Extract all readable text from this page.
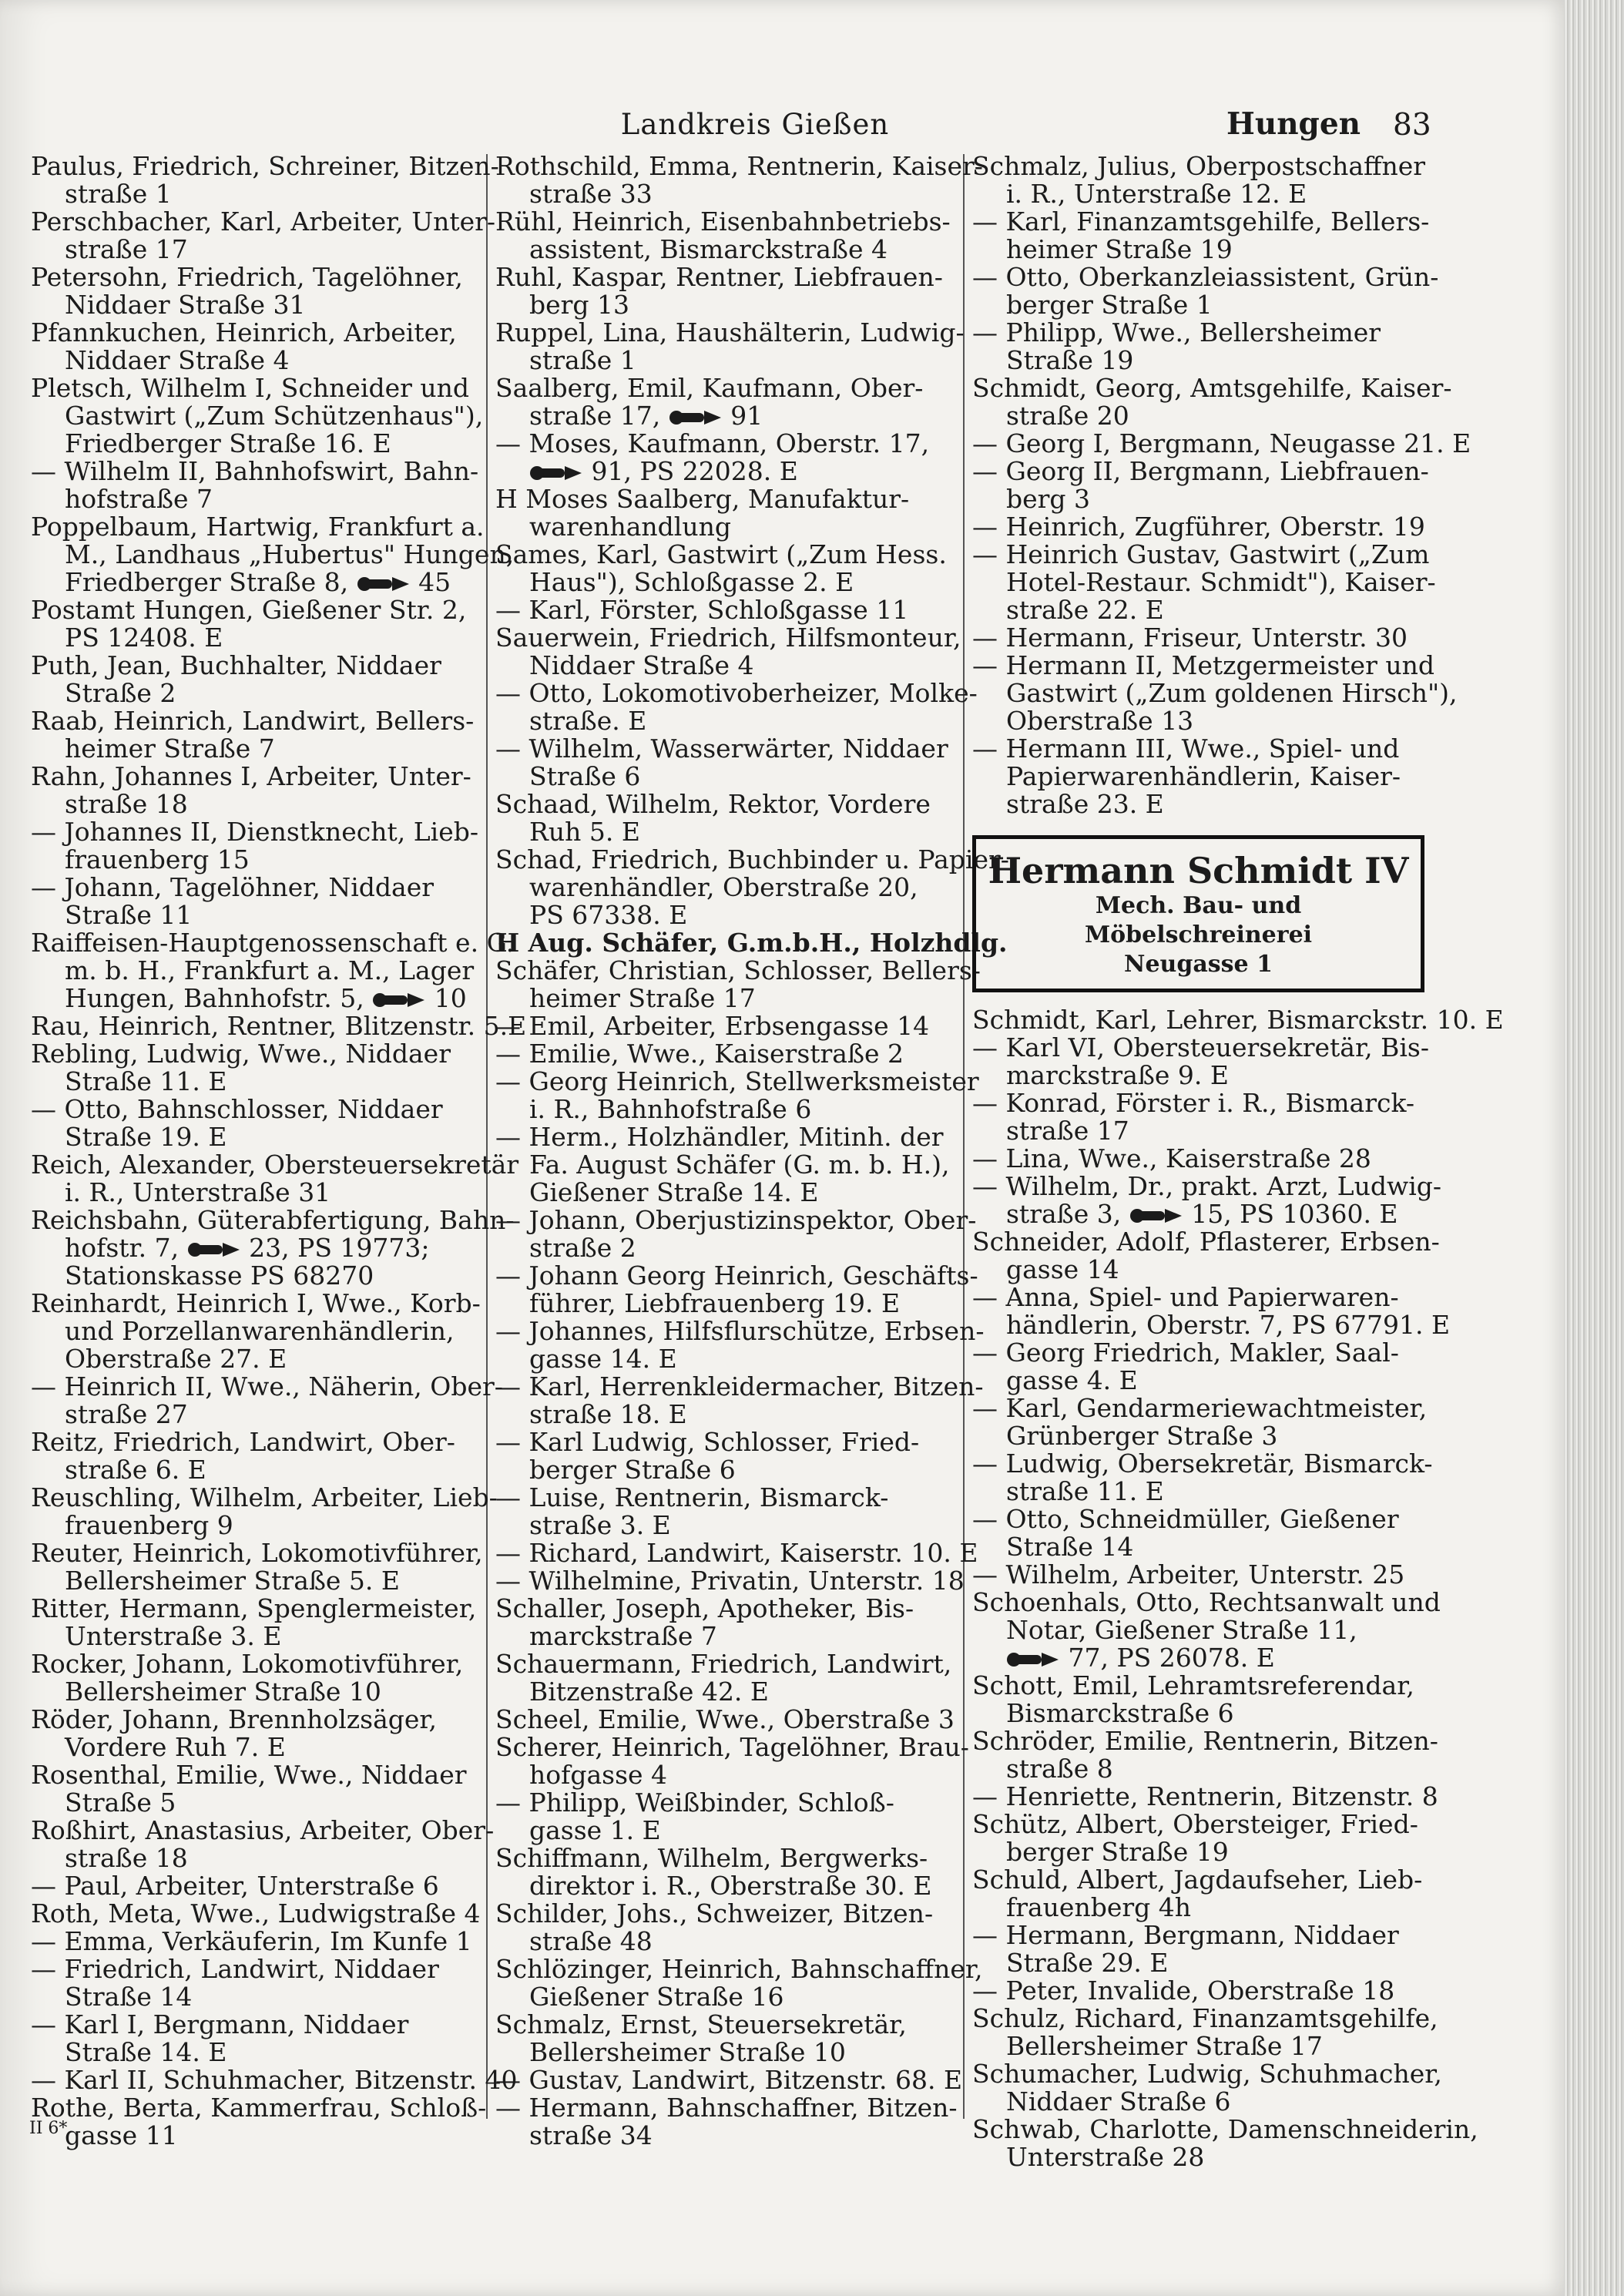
Landkreis Gießen	Hungen 83
Paulus, Friedrich, Schreiner, Bitzen-
straße 1
Perschbacher, Karl, Arbeiter, Unter-
straße 17
Petersohn, Friedrich, Tagelöhner,
Niddaer Straße 31
Pfannkuchen, Heinrich, Arbeiter,
Niddaer Straße 4
Pletsch, Wilhelm I, Schneider und
Gastwirt („Zum Schützenhaus"),
Friedberger Straße 16. E
— Wilhelm II, Bahnhofswirt, Bahn-
hofstraße 7
Poppelbaum, Hartwig, Frankfurt a.
M., Landhaus „Hubertus" Hungen,
Friedberger Straße 8,	45
Postamt Hungen, Gießener Str. 2,
PS 12408. E
Puth, Jean, Buchhalter, Niddaer
Straße 2
Raab, Heinrich, Landwirt, Bellers-
heimer Straße 7
Rahn, Johannes I, Arbeiter, Unter-
straße 18
— Johannes II, Dienstknecht, Lieb-
frauenberg 15
— Johann, Tagelöhner, Niddaer
Straße 11
Raiffeisen-Hauptgenossenschaft e. G.
m. b. H., Frankfurt a. M., Lager
Hungen, Bahnhofstr. 5,	10
Rau, Heinrich, Rentner, Blitzenstr. 5.E
Rebling, Ludwig, Wwe., Niddaer
Straße 11. E
— Otto, Bahnschlosser, Niddaer
Straße 19. E
Reich, Alexander, Obersteuersekretär
i. R., Unterstraße 31
Reichsbahn, Güterabfertigung, Bahn-
hofstr. 7,	23, PS 19773;
Stationskasse PS 68270
Reinhardt, Heinrich I, Wwe., Korb-
und Porzellanwarenhändlerin,
Oberstraße 27. E
— Heinrich II, Wwe., Näherin, Ober-
straße 27
Reitz, Friedrich, Landwirt, Ober-
straße 6. E
Reuschling, Wilhelm, Arbeiter, Lieb-
frauenberg 9
Reuter, Heinrich, Lokomotivführer,
Bellersheimer Straße 5. E
Ritter, Hermann, Spenglermeister,
Unterstraße 3. E
Rocker, Johann, Lokomotivführer,
Bellersheimer Straße 10
Röder, Johann, Brennholzsäger,
Vordere Ruh 7. E
Rosenthal, Emilie, Wwe., Niddaer
Straße 5
Roßhirt, Anastasius, Arbeiter, Ober-
straße 18
— Paul, Arbeiter, Unterstraße 6
Roth, Meta, Wwe., Ludwigstraße 4
— Emma, Verkäuferin, Im Kunfe 1
— Friedrich, Landwirt, Niddaer
Straße 14
— Karl I, Bergmann, Niddaer
Straße 14. E
— Karl II, Schuhmacher, Bitzenstr. 40
Rothe, Berta, Kammerfrau, Schloß-
gasse 11
Rothschild, Emma, Rentnerin, Kaiser-
straße 33
Rühl, Heinrich, Eisenbahnbetriebs-
assistent, Bismarckstraße 4
Ruhl, Kaspar, Rentner, Liebfrauen-
berg 13
Ruppel, Lina, Haushälterin, Ludwig-
straße 1
Saalberg, Emil, Kaufmann, Ober-
straße 17,	91
— Moses, Kaufmann, Oberstr. 17,
91, PS 22028. E
H Moses Saalberg, Manufaktur-
warenhandlung
Sames, Karl, Gastwirt („Zum Hess.
Haus"), Schloßgasse 2. E
— Karl, Förster, Schloßgasse 11
Sauerwein, Friedrich, Hilfsmonteur,
Niddaer Straße 4
— Otto, Lokomotivoberheizer, Molke-
straße. E
— Wilhelm, Wasserwärter, Niddaer
Straße 6
Schaad, Wilhelm, Rektor, Vordere
Ruh 5. E
Schad, Friedrich, Buchbinder u. Papier-
warenhändler, Oberstraße 20,
PS 67338. E
H Aug. Schäfer, G.m.b.H., Holzhdlg.
Schäfer, Christian, Schlosser, Bellers-
heimer Straße 17
— Emil, Arbeiter, Erbsengasse 14
— Emilie, Wwe., Kaiserstraße 2
— Georg Heinrich, Stellwerksmeister
i. R., Bahnhofstraße 6
— Herm., Holzhändler, Mitinh. der
Fa. August Schäfer (G. m. b. H.),
Gießener Straße 14. E
— Johann, Oberjustizinspektor, Ober-
straße 2
— Johann Georg Heinrich, Geschäfts-
führer, Liebfrauenberg 19. E
— Johannes, Hilfsflurschütze, Erbsen-
gasse 14. E
— Karl, Herrenkleidermacher, Bitzen-
straße 18. E
— Karl Ludwig, Schlosser, Fried-
berger Straße 6
— Luise, Rentnerin, Bismarck-
straße 3. E
— Richard, Landwirt, Kaiserstr. 10. E
— Wilhelmine, Privatin, Unterstr. 18
Schaller, Joseph, Apotheker, Bis-
marckstraße 7
Schauermann, Friedrich, Landwirt,
Bitzenstraße 42. E
Scheel, Emilie, Wwe., Oberstraße 3
Scherer, Heinrich, Tagelöhner, Brau-
hofgasse 4
— Philipp, Weißbinder, Schloß-
gasse 1. E
Schiffmann, Wilhelm, Bergwerks-
direktor i. R., Oberstraße 30. E
Schilder, Johs., Schweizer, Bitzen-
straße 48
Schlözinger, Heinrich, Bahnschaffner,
Gießener Straße 16
Schmalz, Ernst, Steuersekretär,
Bellersheimer Straße 10
— Gustav, Landwirt, Bitzenstr. 68. E
— Hermann, Bahnschaffner, Bitzen-
straße 34
Schmalz, Julius, Oberpostschaffner
i. R., Unterstraße 12. E
— Karl, Finanzamtsgehilfe, Bellers-
heimer Straße 19
— Otto, Oberkanzleiassistent, Grün-
berger Straße 1
— Philipp, Wwe., Bellersheimer
Straße 19
Schmidt, Georg, Amtsgehilfe, Kaiser-
straße 20
— Georg I, Bergmann, Neugasse 21. E
— Georg II, Bergmann, Liebfrauen-
berg 3
— Heinrich, Zugführer, Oberstr. 19
— Heinrich Gustav, Gastwirt („Zum
Hotel-Restaur. Schmidt"), Kaiser-
straße 22. E
— Hermann, Friseur, Unterstr. 30
— Hermann II, Metzgermeister und
Gastwirt („Zum goldenen Hirsch"),
Oberstraße 13
— Hermann III, Wwe., Spiel- und
Papierwarenhändlerin, Kaiser-
straße 23. E
Hermann Schmidt IV
Mech. Bau- und Möbelschreinerei
Neugasse 1
Schmidt, Karl, Lehrer, Bismarckstr. 10. E
— Karl VI, Obersteuersekretär, Bis-
marckstraße 9. E
— Konrad, Förster i. R., Bismarck-
straße 17
— Lina, Wwe., Kaiserstraße 28
— Wilhelm, Dr., prakt. Arzt, Ludwig-
straße 3,	15, PS 10360. E
Schneider, Adolf, Pflasterer, Erbsen-
gasse 14
— Anna, Spiel- und Papierwaren-
händlerin, Oberstr. 7, PS 67791. E
— Georg Friedrich, Makler, Saal-
gasse 4. E
— Karl, Gendarmeriewachtmeister,
Grünberger Straße 3
— Ludwig, Obersekretär, Bismarck-
straße 11. E
— Otto, Schneidmüller, Gießener
Straße 14
— Wilhelm, Arbeiter, Unterstr. 25
Schoenhals, Otto, Rechtsanwalt und
Notar, Gießener Straße 11,
77, PS 26078. E
Schott, Emil, Lehramtsreferendar,
Bismarckstraße 6
Schröder, Emilie, Rentnerin, Bitzen-
straße 8
— Henriette, Rentnerin, Bitzenstr. 8
Schütz, Albert, Obersteiger, Fried-
berger Straße 19
Schuld, Albert, Jagdaufseher, Lieb-
frauenberg 4h
— Hermann, Bergmann, Niddaer
Straße 29. E
— Peter, Invalide, Oberstraße 18
Schulz, Richard, Finanzamtsgehilfe,
Bellersheimer Straße 17
Schumacher, Ludwig, Schuhmacher,
Niddaer Straße 6
Schwab, Charlotte, Damenschneiderin,
Unterstraße 28
II 6*
